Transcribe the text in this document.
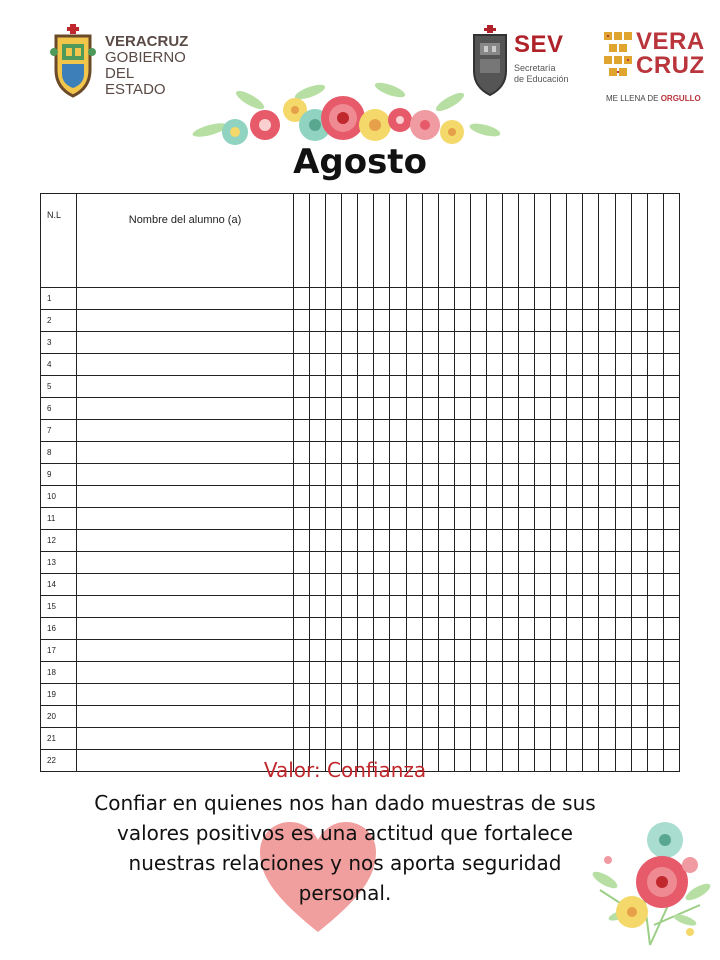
VERACRUZ
GOBIERNO
DEL ESTADO
SEV
Secretaría
de Educación
VERA
CRUZ
ME LLENA DE ORGULLO
Agosto
N.L	Nombre del alumno (a)																								
1																									
2																									
3																									
4																									
5																									
6																									
7																									
8																									
9																									
10																									
11																									
12																									
13																									
14																									
15																									
16																									
17																									
18																									
19																									
20																									
21																									
22																										Valor: Confianza
Confiar en quienes nos han dado muestras de sus valores positivos es una actitud que fortalece nuestras relaciones y nos aporta seguridad personal.
